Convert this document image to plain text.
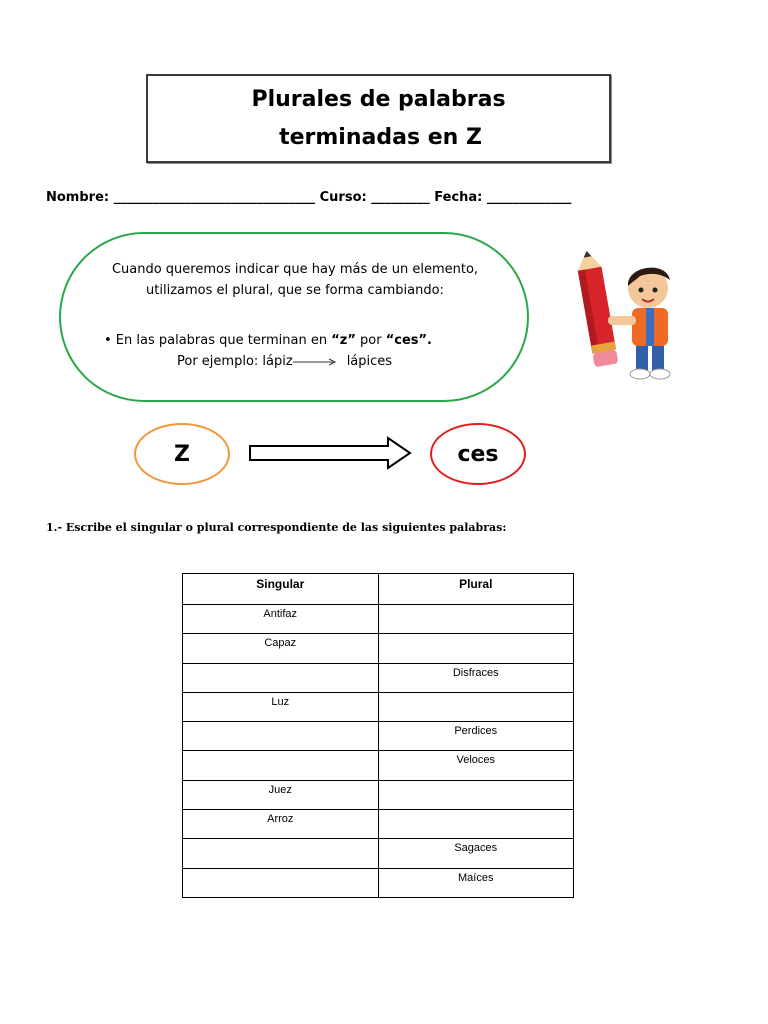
Plurales de palabras
terminadas en Z
Nombre: _______________________________ Curso: _________ Fecha: _____________
Cuando queremos indicar que hay más de un elemento, utilizamos el plural, que se forma cambiando:
• En las palabras que terminan en “z” por “ces”.
Por ejemplo: lápiz	lápices
Z	ces
1.- Escribe el singular o plural correspondiente de las siguientes palabras:
Singular	Plural
Antifaz	
Capaz	
	Disfraces
Luz	
	Perdices
	Veloces
Juez	
Arroz	
	Sagaces
	Maíces
